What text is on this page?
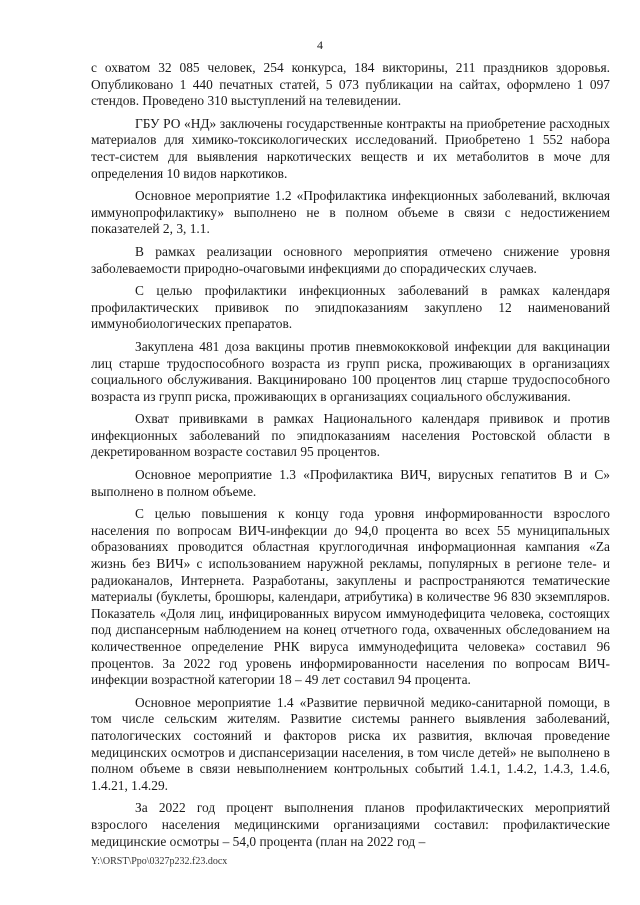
4

с охватом 32 085 человек, 254 конкурса, 184 викторины, 211 праздников здоровья. Опубликовано 1 440 печатных статей, 5 073 публикации на сайтах, оформлено 1 097 стендов. Проведено 310 выступлений на телевидении.

ГБУ РО «НД» заключены государственные контракты на приобретение расходных материалов для химико-токсикологических исследований. Приобретено 1 552 набора тест-систем для выявления наркотических веществ и их метаболитов в моче для определения 10 видов наркотиков.

Основное мероприятие 1.2 «Профилактика инфекционных заболеваний, включая иммунопрофилактику» выполнено не в полном объеме в связи с недостижением показателей 2, 3, 1.1.

В рамках реализации основного мероприятия отмечено снижение уровня заболеваемости природно-очаговыми инфекциями до спорадических случаев.

С целью профилактики инфекционных заболеваний в рамках календаря профилактических прививок по эпидпоказаниям закуплено 12 наименований иммунобиологических препаратов.

Закуплена 481 доза вакцины против пневмококковой инфекции для вакцинации лиц старше трудоспособного возраста из групп риска, проживающих в организациях социального обслуживания. Вакцинировано 100 процентов лиц старше трудоспособного возраста из групп риска, проживающих в организациях социального обслуживания.

Охват прививками в рамках Национального календаря прививок и против инфекционных заболеваний по эпидпоказаниям населения Ростовской области в декретированном возрасте составил 95 процентов.

Основное мероприятие 1.3 «Профилактика ВИЧ, вирусных гепатитов B и C» выполнено в полном объеме.

С целью повышения к концу года уровня информированности взрослого населения по вопросам ВИЧ-инфекции до 94,0 процента во всех 55 муниципальных образованиях проводится областная круглогодичная информационная кампания «Za жизнь без ВИЧ» с использованием наружной рекламы, популярных в регионе теле- и радиоканалов, Интернета. Разработаны, закуплены и распространяются тематические материалы (буклеты, брошюры, календари, атрибутика) в количестве 96 830 экземпляров. Показатель «Доля лиц, инфицированных вирусом иммунодефицита человека, состоящих под диспансерным наблюдением на конец отчетного года, охваченных обследованием на количественное определение РНК вируса иммунодефицита человека» составил 96 процентов. За 2022 год уровень информированности населения по вопросам ВИЧ-инфекции возрастной категории 18 – 49 лет составил 94 процента.

Основное мероприятие 1.4 «Развитие первичной медико-санитарной помощи, в том числе сельским жителям. Развитие системы раннего выявления заболеваний, патологических состояний и факторов риска их развития, включая проведение медицинских осмотров и диспансеризации населения, в том числе детей» не выполнено в полном объеме в связи невыполнением контрольных событий 1.4.1, 1.4.2, 1.4.3, 1.4.6, 1.4.21, 1.4.29.

За 2022 год процент выполнения планов профилактических мероприятий взрослого населения медицинскими организациями составил: профилактические медицинские осмотры – 54,0 процента (план на 2022 год –

Y:\ORST\Ppo\0327p232.f23.docx
